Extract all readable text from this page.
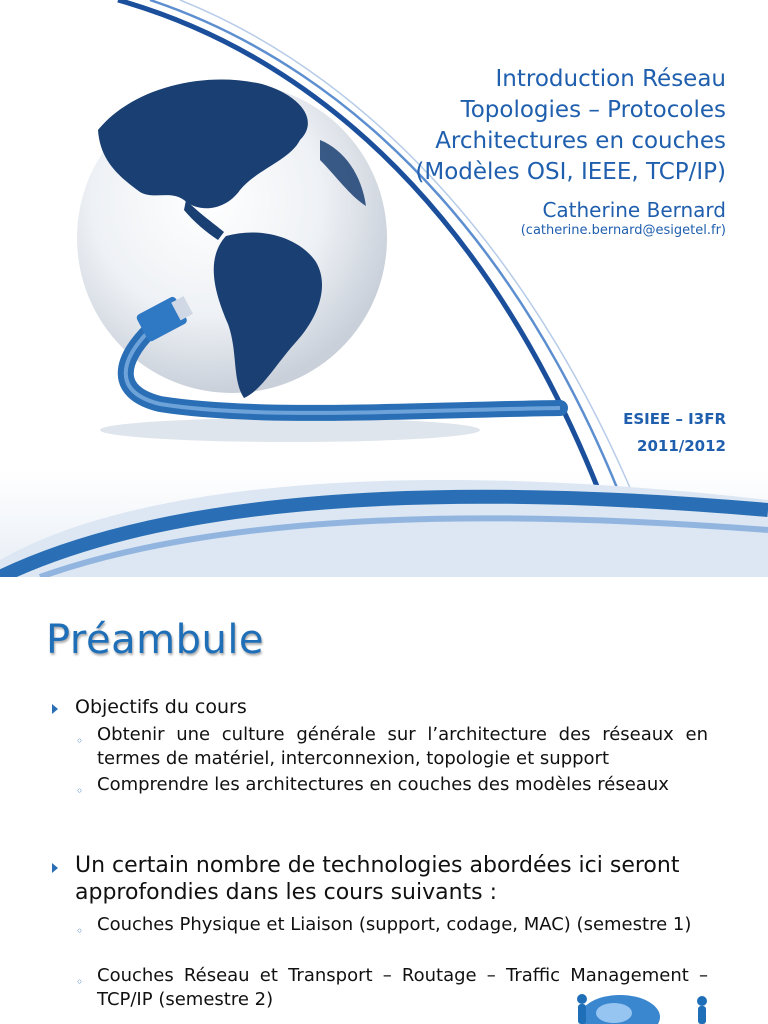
Introduction Réseau
Topologies – Protocoles
Architectures en couches
(Modèles OSI, IEEE, TCP/IP)
Catherine Bernard
(catherine.bernard@esigetel.fr)
ESIEE – I3FR
2011/2012
Préambule
Objectifs du cours
◦ Obtenir une culture générale sur l’architecture des réseaux en termes de matériel, interconnexion, topologie et support
◦ Comprendre les architectures en couches des modèles réseaux
Un certain nombre de technologies abordées ici seront
approfondies dans les cours suivants :
◦ Couches Physique et Liaison (support, codage, MAC) (semestre 1)
◦ Couches Réseau et Transport – Routage – Traffic Management – TCP/IP (semestre 2)
